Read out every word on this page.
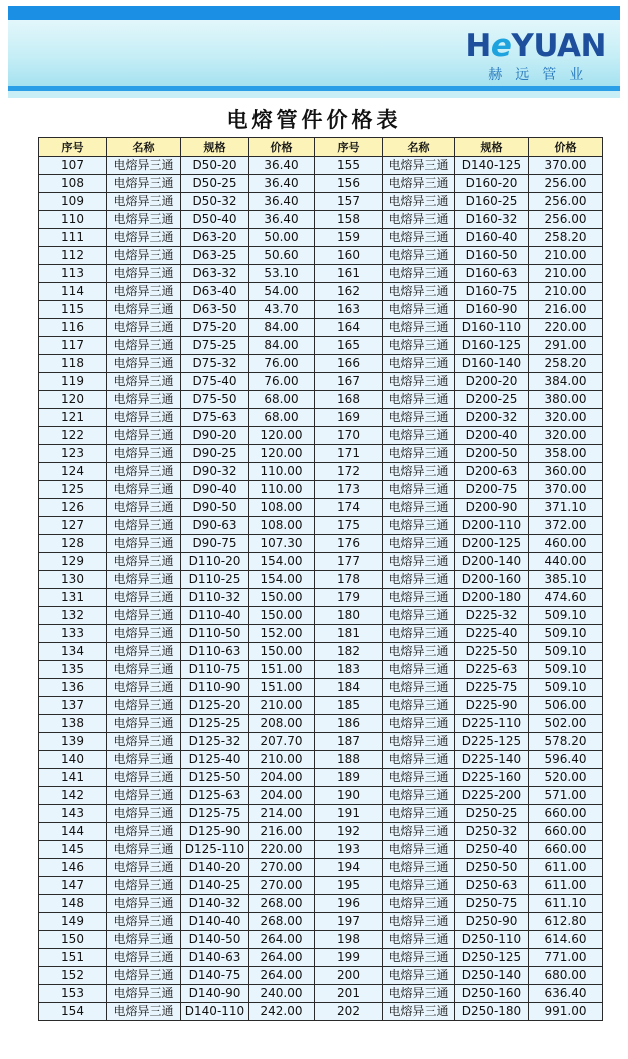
HeYUAN
赫远管业
电熔管件价格表
序号	名称	规格	价格	序号	名称	规格	价格
107	电熔异三通	D50-20	36.40	155	电熔异三通	D140-125	370.00
108	电熔异三通	D50-25	36.40	156	电熔异三通	D160-20	256.00
109	电熔异三通	D50-32	36.40	157	电熔异三通	D160-25	256.00
110	电熔异三通	D50-40	36.40	158	电熔异三通	D160-32	256.00
111	电熔异三通	D63-20	50.00	159	电熔异三通	D160-40	258.20
112	电熔异三通	D63-25	50.60	160	电熔异三通	D160-50	210.00
113	电熔异三通	D63-32	53.10	161	电熔异三通	D160-63	210.00
114	电熔异三通	D63-40	54.00	162	电熔异三通	D160-75	210.00
115	电熔异三通	D63-50	43.70	163	电熔异三通	D160-90	216.00
116	电熔异三通	D75-20	84.00	164	电熔异三通	D160-110	220.00
117	电熔异三通	D75-25	84.00	165	电熔异三通	D160-125	291.00
118	电熔异三通	D75-32	76.00	166	电熔异三通	D160-140	258.20
119	电熔异三通	D75-40	76.00	167	电熔异三通	D200-20	384.00
120	电熔异三通	D75-50	68.00	168	电熔异三通	D200-25	380.00
121	电熔异三通	D75-63	68.00	169	电熔异三通	D200-32	320.00
122	电熔异三通	D90-20	120.00	170	电熔异三通	D200-40	320.00
123	电熔异三通	D90-25	120.00	171	电熔异三通	D200-50	358.00
124	电熔异三通	D90-32	110.00	172	电熔异三通	D200-63	360.00
125	电熔异三通	D90-40	110.00	173	电熔异三通	D200-75	370.00
126	电熔异三通	D90-50	108.00	174	电熔异三通	D200-90	371.10
127	电熔异三通	D90-63	108.00	175	电熔异三通	D200-110	372.00
128	电熔异三通	D90-75	107.30	176	电熔异三通	D200-125	460.00
129	电熔异三通	D110-20	154.00	177	电熔异三通	D200-140	440.00
130	电熔异三通	D110-25	154.00	178	电熔异三通	D200-160	385.10
131	电熔异三通	D110-32	150.00	179	电熔异三通	D200-180	474.60
132	电熔异三通	D110-40	150.00	180	电熔异三通	D225-32	509.10
133	电熔异三通	D110-50	152.00	181	电熔异三通	D225-40	509.10
134	电熔异三通	D110-63	150.00	182	电熔异三通	D225-50	509.10
135	电熔异三通	D110-75	151.00	183	电熔异三通	D225-63	509.10
136	电熔异三通	D110-90	151.00	184	电熔异三通	D225-75	509.10
137	电熔异三通	D125-20	210.00	185	电熔异三通	D225-90	506.00
138	电熔异三通	D125-25	208.00	186	电熔异三通	D225-110	502.00
139	电熔异三通	D125-32	207.70	187	电熔异三通	D225-125	578.20
140	电熔异三通	D125-40	210.00	188	电熔异三通	D225-140	596.40
141	电熔异三通	D125-50	204.00	189	电熔异三通	D225-160	520.00
142	电熔异三通	D125-63	204.00	190	电熔异三通	D225-200	571.00
143	电熔异三通	D125-75	214.00	191	电熔异三通	D250-25	660.00
144	电熔异三通	D125-90	216.00	192	电熔异三通	D250-32	660.00
145	电熔异三通	D125-110	220.00	193	电熔异三通	D250-40	660.00
146	电熔异三通	D140-20	270.00	194	电熔异三通	D250-50	611.00
147	电熔异三通	D140-25	270.00	195	电熔异三通	D250-63	611.00
148	电熔异三通	D140-32	268.00	196	电熔异三通	D250-75	611.10
149	电熔异三通	D140-40	268.00	197	电熔异三通	D250-90	612.80
150	电熔异三通	D140-50	264.00	198	电熔异三通	D250-110	614.60
151	电熔异三通	D140-63	264.00	199	电熔异三通	D250-125	771.00
152	电熔异三通	D140-75	264.00	200	电熔异三通	D250-140	680.00
153	电熔异三通	D140-90	240.00	201	电熔异三通	D250-160	636.40
154	电熔异三通	D140-110	242.00	202	电熔异三通	D250-180	991.00
